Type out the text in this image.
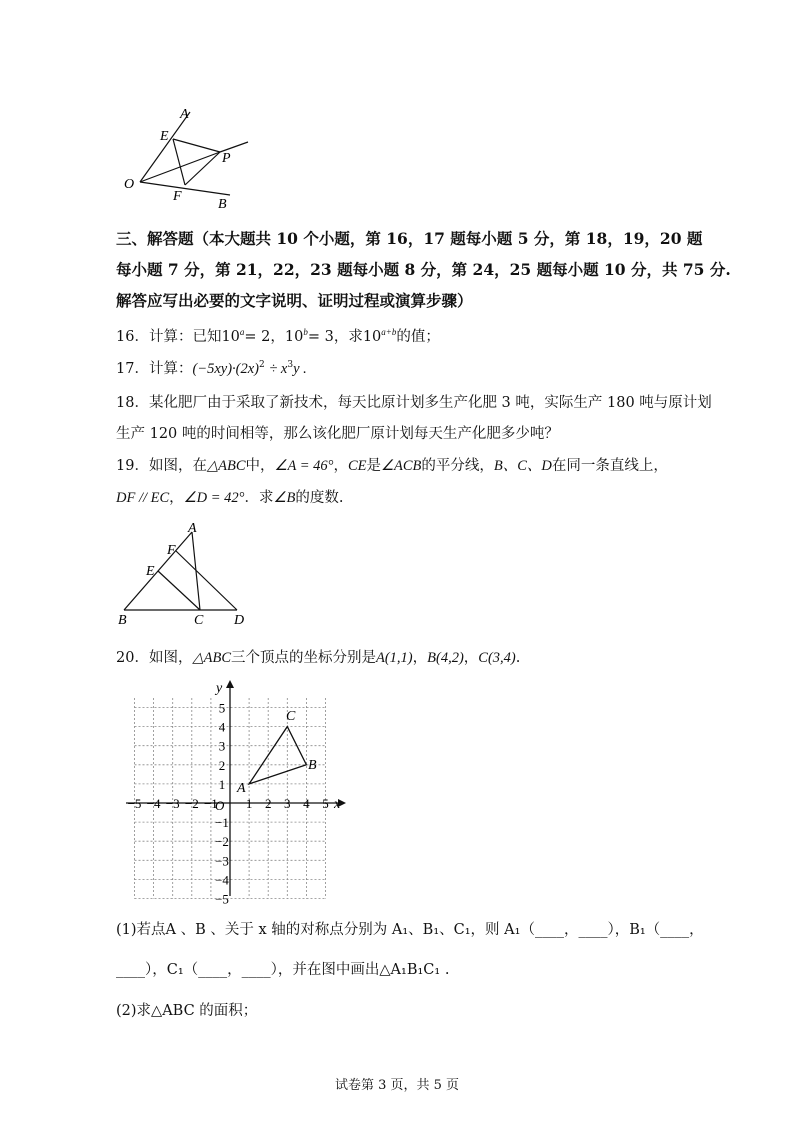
A
E
P
O
F
B
三、解答题（本大题共 10 个小题，第 16，17 题每小题 5 分，第 18，19，20 题
每小题 7 分，第 21，22，23 题每小题 8 分，第 24，25 题每小题 10 分，共 75 分.
解答应写出必要的文字说明、证明过程或演算步骤）
16．计算：已知$10^a= 2$，$10^b= 3$，求$10^{a+b}$的值；
17．计算：$(-5xy)\cdot(2x)^2 \div x^3y$ .
18．某化肥厂由于采取了新技术，每天比原计划多生产化肥 3 吨，实际生产 180 吨与原计划
生产 120 吨的时间相等，那么该化肥厂原计划每天生产化肥多少吨？
19．如图，在△ABC中，∠A = 46°，CE是∠ACB的平分线，B、C、D在同一条直线上，
DF // EC，∠D = 42°．求∠B的度数.
A
F
E
B	C D
20．如图，△ABC三个顶点的坐标分别是A(1,1)，B(4,2)，C(3,4).
x
y
O
−5 −4 −3 −2 −1 1 2 3 4 5
1
2
3
4
5
−1
−2
−3
−4
−5
A
B
C
(1)若点A 、B 、关于 x 轴的对称点分别为 A₁、B₁、C₁，则 A₁（____，____），B₁（____，
____），C₁（____，____），并在图中画出△A₁B₁C₁ .
(2)求△ABC 的面积；
试卷第 3 页，共 5 页
